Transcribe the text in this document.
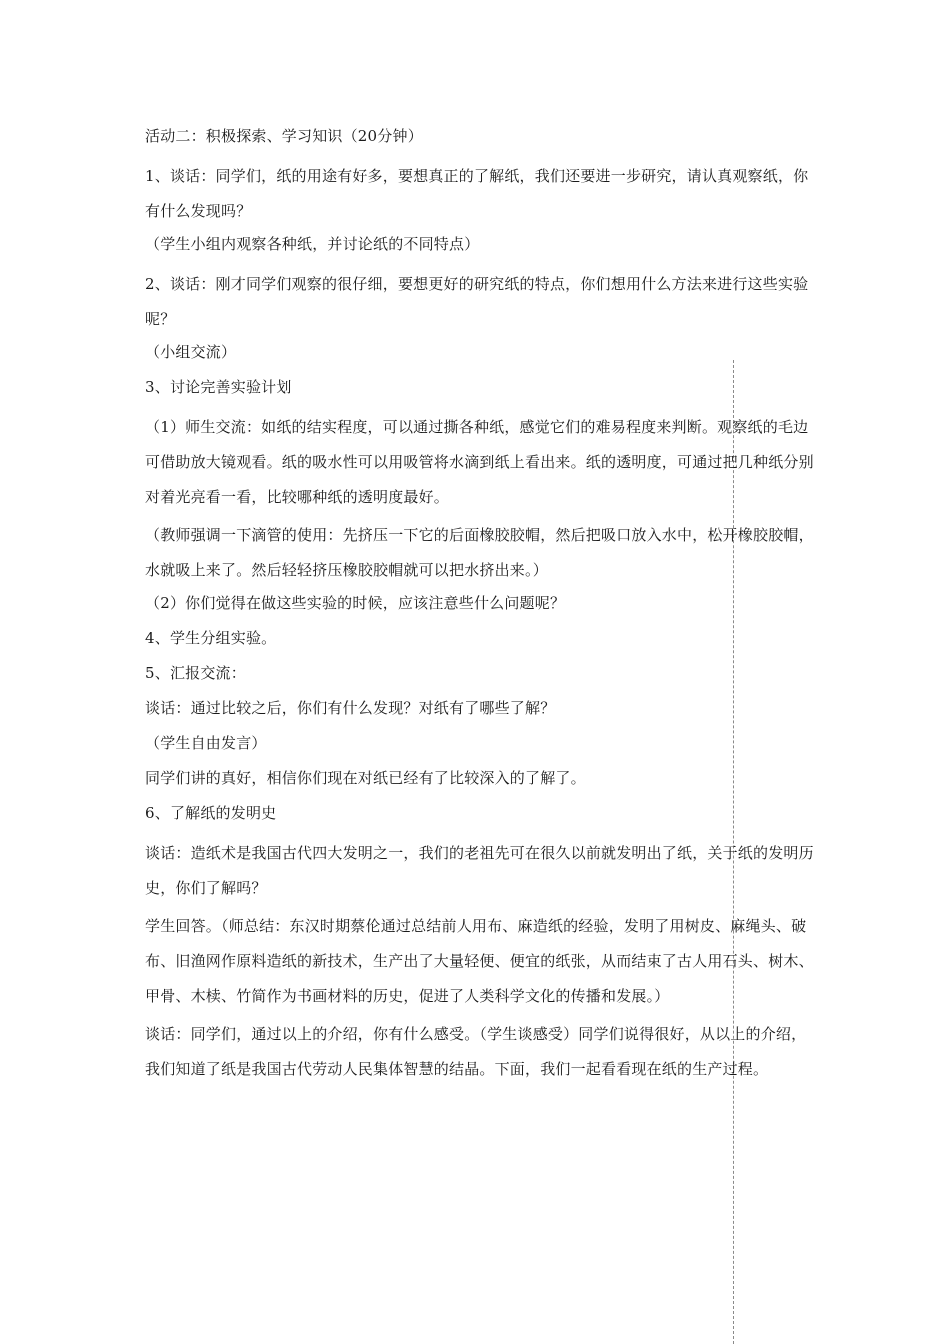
活动二：积极探索、学习知识（20分钟）

1、谈话：同学们，纸的用途有好多，要想真正的了解纸，我们还要进一步研究，请认真观察纸，你有什么发现吗？

（学生小组内观察各种纸，并讨论纸的不同特点）

2、谈话：刚才同学们观察的很仔细，要想更好的研究纸的特点，你们想用什么方法来进行这些实验呢？

（小组交流）

3、讨论完善实验计划

（1）师生交流：如纸的结实程度，可以通过撕各种纸，感觉它们的难易程度来判断。观察纸的毛边可借助放大镜观看。纸的吸水性可以用吸管将水滴到纸上看出来。纸的透明度，可通过把几种纸分别对着光亮看一看，比较哪种纸的透明度最好。

（教师强调一下滴管的使用：先挤压一下它的后面橡胶胶帽，然后把吸口放入水中，松开橡胶胶帽，水就吸上来了。然后轻轻挤压橡胶胶帽就可以把水挤出来。）

（2）你们觉得在做这些实验的时候，应该注意些什么问题呢？

4、学生分组实验。

5、汇报交流：

谈话：通过比较之后，你们有什么发现？对纸有了哪些了解？

（学生自由发言）

同学们讲的真好，相信你们现在对纸已经有了比较深入的了解了。

6、了解纸的发明史

谈话：造纸术是我国古代四大发明之一，我们的老祖先可在很久以前就发明出了纸，关于纸的发明历史，你们了解吗？

学生回答。（师总结：东汉时期蔡伦通过总结前人用布、麻造纸的经验，发明了用树皮、麻绳头、破布、旧渔网作原料造纸的新技术，生产出了大量轻便、便宜的纸张，从而结束了古人用石头、树木、甲骨、木椟、竹简作为书画材料的历史，促进了人类科学文化的传播和发展。）

谈话：同学们，通过以上的介绍，你有什么感受。（学生谈感受）同学们说得很好，从以上的介绍，我们知道了纸是我国古代劳动人民集体智慧的结晶。下面，我们一起看看现在纸的生产过程。
